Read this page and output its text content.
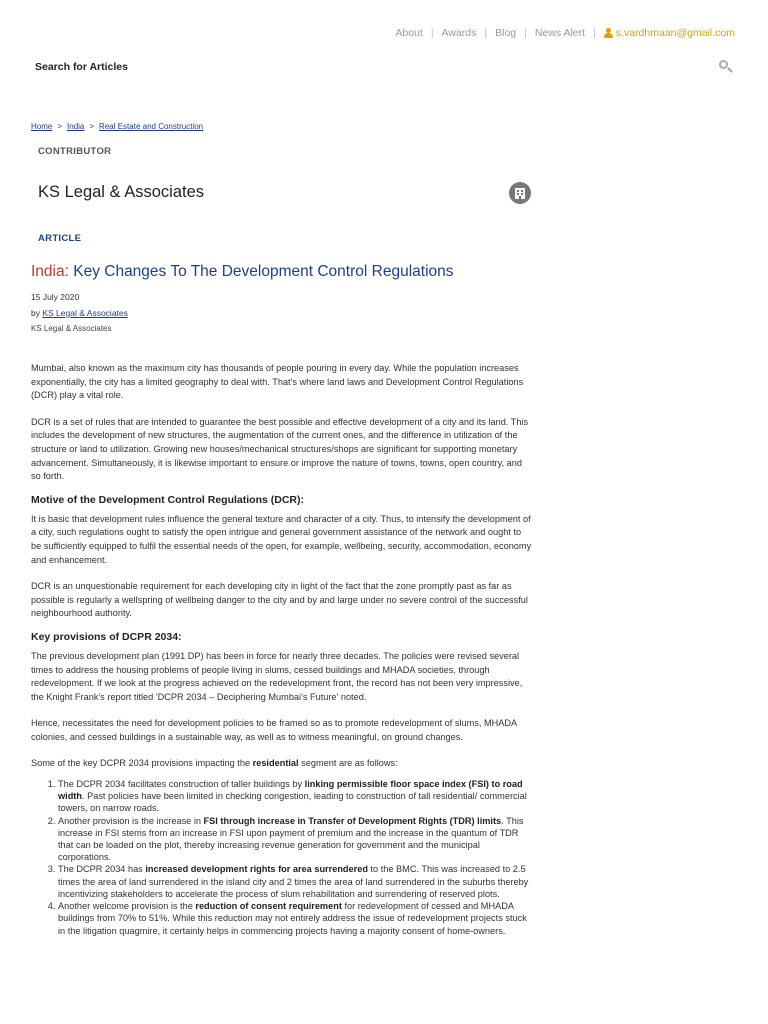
About | Awards | Blog | News Alert | s.vardhmaan@gmail.com
Search for Articles
Home > India > Real Estate and Construction
CONTRIBUTOR
KS Legal & Associates
ARTICLE
India: Key Changes To The Development Control Regulations
15 July 2020
by KS Legal & Associates
KS Legal & Associates

Mumbai, also known as the maximum city has thousands of people pouring in every day. While the population increases exponentially, the city has a limited geography to deal with. That's where land laws and Development Control Regulations (DCR) play a vital role.

DCR is a set of rules that are intended to guarantee the best possible and effective development of a city and its land. This includes the development of new structures, the augmentation of the current ones, and the difference in utilization of the structure or land to utilization. Growing new houses/mechanical structures/shops are significant for supporting monetary advancement. Simultaneously, it is likewise important to ensure or improve the nature of towns, towns, open country, and so forth.

Motive of the Development Control Regulations (DCR):

It is basic that development rules influence the general texture and character of a city. Thus, to intensify the development of a city, such regulations ought to satisfy the open intrigue and general government assistance of the network and ought to be sufficiently equipped to fulfil the essential needs of the open, for example, wellbeing, security, accommodation, economy and enhancement.

DCR is an unquestionable requirement for each developing city in light of the fact that the zone promptly past as far as possible is regularly a wellspring of wellbeing danger to the city and by and large under no severe control of the successful neighbourhood authority.

Key provisions of DCPR 2034:

The previous development plan (1991 DP) has been in force for nearly three decades. The policies were revised several times to address the housing problems of people living in slums, cessed buildings and MHADA societies, through redevelopment. If we look at the progress achieved on the redevelopment front, the record has not been very impressive, the Knight Frank's report titled 'DCPR 2034 – Deciphering Mumbai's Future' noted.

Hence, necessitates the need for development policies to be framed so as to promote redevelopment of slums, MHADA colonies, and cessed buildings in a sustainable way, as well as to witness meaningful, on ground changes.

Some of the key DCPR 2034 provisions impacting the residential segment are as follows:

1. The DCPR 2034 facilitates construction of taller buildings by linking permissible floor space index (FSI) to road width. Past policies have been limited in checking congestion, leading to construction of tall residential/ commercial towers, on narrow roads.
2. Another provision is the increase in FSI through increase in Transfer of Development Rights (TDR) limits. This increase in FSI stems from an increase in FSI upon payment of premium and the increase in the quantum of TDR that can be loaded on the plot, thereby increasing revenue generation for government and the municipal corporations.
3. The DCPR 2034 has increased development rights for area surrendered to the BMC. This was increased to 2.5 times the area of land surrendered in the island city and 2 times the area of land surrendered in the suburbs thereby incentivizing stakeholders to accelerate the process of slum rehabilitation and surrendering of reserved plots.
4. Another welcome provision is the reduction of consent requirement for redevelopment of cessed and MHADA buildings from 70% to 51%. While this reduction may not entirely address the issue of redevelopment projects stuck in the litigation quagmire, it certainly helps in commencing projects having a majority consent of home-owners.
